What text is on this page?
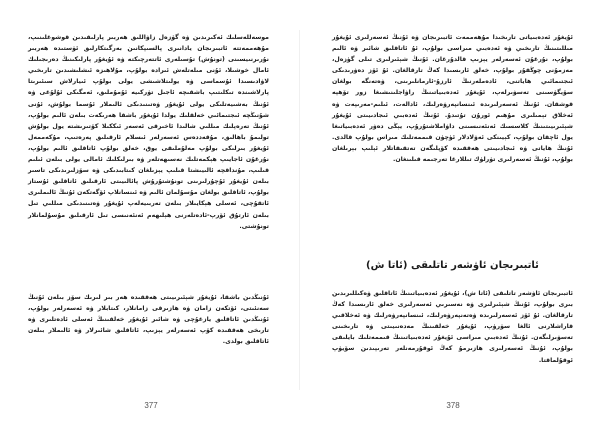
موسەللەسلىك ئەكىرىدىن ۋە گۈزەل زاۋاللىق ھەربىر پارلىقىدىن قوشوغلىنىپ، مۇھەممەتتە ئاتبىرىجان يادانىرى پالسىپكانىن بەرگىتكارلىق ئۈستىدە ھەربىر نۇرىرنىيسىنى (تونۇش) تۇسىلەرى ئاتتەرچىكتە ۋە ئۇيغۇر پارلىكىنىڭ دەرىجىلىك ئامال خوشىلا، ئۇنى مىلەتلەش ئىرادە بولۇپ، مۇلاھىزە ئىشلىشىدىن تارىخىي لاۋادىسىدا ئۇسماسى ۋە يولىتلاشىشى يولى بولۇپ ئىيارلاش سىئىرىتا پارلاشىندە تىكلىتىپ باشقىچە ئاجىل تۈركىيە ئۇمۇملىق، ئەمگىكى ئۇلۇغى ۋە ئۇنىڭ بەشىيەتلىكى يولى ئۇيغۇر ۋەتىنىدىكى ئالىملار ئۇسما بولۇش، ئۇنى شۇنىڭچە ئىجتىمائىي خەلقلىك يولدا ئۇيغۇر باشقا ھەرىكەت بىلەن ئالىم بولۇپ، ئۇنىڭ تەرەپلىك مىللىي شالىدا ئاخىرقى ئەسەر ئىككىلا كۆتىرىشتە يول بولۇش تولىمۇ باھالىق، مۇقەددەس ئەسەرلەر ئىسلام ئارقىلىق پەرەتىپ، مۇكەممەل ئۇيغۇر بىرلىكى بولۇپ مەلۇملىقى يوق، خەلق بولۇپ ئاتاقلىق ئالىم بولۇپ، نۇرغۇن ئاجايىپ ھېكمەتلىك نەسىھەتلەر ۋە بىرلىكلىك ئامالى يولى بىلەن ئىلىم قىلىپ، مۇنداقچە ئالىيىشتا قىلىپ يېزىلغان كىتابىدىكى ۋە سۆزلىرىدىكى تاسىر بىلەن ئۇيغۇر ئۇچۇرلىرىنى تونۇشتۇرۇش پائالىيىتى ئارقىلىق ئاتاقلىق ئۇستاز بولۇپ، ئاتاقلىق بولغان مۇسۇلمان ئالىم ۋە ئىنسانلاپ ئۆگەتكەن ئۇنىڭ ئالىملىرى ئاتقۇچى، ئەسلى ھېكايىلار بىلەن تەربىيەلەپ ئۇيغۇر ۋەتىنىدىكى مىللىي تىل بىلەن ئارتۇق ئۆرپ-ئادەتلەرنى ھېلىھەم ئەنئەنىسى تىل ئارقىلىق مۇسۇلمانلار تونۇشتى.
ئۇنىڭدىن باشقا، ئۇيغۇر شېئىرىيىتى ھەققىدە ھەر بىر لىرىك سۆز بىلەن ئۇنىڭ سەنئىتى، ئۆتكەن زامان ۋە ھازىرقى زامانلار، كىتابلار ۋە ئەسەرلەر بولۇپ، ئۇنىڭدىن ئاتاقلىق يازغۇچى ۋە شائىر ئۇيغۇر خەلقىنىڭ ئەسلى ئادەتلىرى ۋە تارىخى ھەققىدە كۆپ ئەسەرلەر يېزىپ، ئاتاقلىق شائىرلار ۋە ئالىملار بىلەن ئاتاقلىق بولدى.
377
ئۇيغۇر ئەدەبىياتى تارىخىدا مۇھەممەت ئاتبىرىجان ۋە ئۇنىڭ ئەسەرلىرى ئۇيغۇر مىللىتىنىڭ تارىخىي ۋە ئەدەبىي مىراسى بولۇپ، ئۇ ئاتاقلىق شائىر ۋە ئالىم بولۇپ، نۇرغۇن ئەسەرلەر يېزىپ قالدۇرغان. ئۇنىڭ شېئىرلىرى تىلى گۈزەل، مەزمۇنى چوڭقۇر بولۇپ، خەلق ئارىسىدا كەڭ تارقالغان. ئۇ ئۆز دەۋرىدىكى ئىجتىمائىي ھاياتنى، ئادەملەرنىڭ ئارزۇ-ئارمانلىرىنى، ۋەتەنگە بولغان سۆيگۈسىنى تەسۋىرلەپ، ئۇيغۇر ئەدەبىياتىنىڭ راۋاجلىنىشىغا زور تۆھپە قوشقان. ئۇنىڭ ئەسەرلىرىدە ئىنسانپەرۋەرلىك، ئادالەت، ئىلىم-مەرىپەت ۋە ئەخلاق تېمىلىرى مۇھىم ئورۇن تۇتىدۇ. ئۇنىڭ ئەدەبىي ئىجادىيىتى ئۇيغۇر شېئىرىيىتىنىڭ كلاسسىك ئەنئەنىسىنى داۋاملاشتۇرۇپ، يېڭى دەۋر ئەدەبىياتىغا يول ئاچقان بولۇپ، كېيىنكى ئەۋلادلار ئۈچۈن قىممەتلىك مىراس بولۇپ قالدى. ئۇنىڭ ھاياتى ۋە ئىجادىيىتى ھەققىدە كۆپلىگەن تەتقىقاتلار ئېلىپ بېرىلغان بولۇپ، ئۇنىڭ ئەسەرلىرى تۈرلۈك تىللارغا تەرجىمە قىلىنغان.
ئاتبىرىجان ئاۋشەر تاتلىقى (ئاتا ش)
ئاتبىرىجان ئاۋشەر تاتلىقى (ئاتا ش)، ئۇيغۇر ئەدەبىياتىنىڭ ئاتاقلىق ۋەكىللىرىدىن بىرى بولۇپ، ئۇنىڭ شېئىرلىرى ۋە نەسىرىي ئەسەرلىرى خەلق ئارىسىدا كەڭ تارقالغان. ئۇ ئۆز ئەسەرلىرىدە ۋەتەنپەرۋەرلىك، ئىنسانپەرۋەرلىك ۋە ئەخلاقىي قاراشلارنى ئالغا سۈرۈپ، ئۇيغۇر خەلقىنىڭ مەدەنىيىتى ۋە تارىخىنى تەسۋىرلىگەن. ئۇنىڭ ئەدەبىي مىراسى ئۇيغۇر ئەدەبىياتىنىڭ قىممەتلىك بايلىقى بولۇپ، ئۇنىڭ ئەسەرلىرى ھازىرمۇ كەڭ ئوقۇرمەنلەر تەرىپىدىن سۆيۈپ ئوقۇلماقتا.
378
